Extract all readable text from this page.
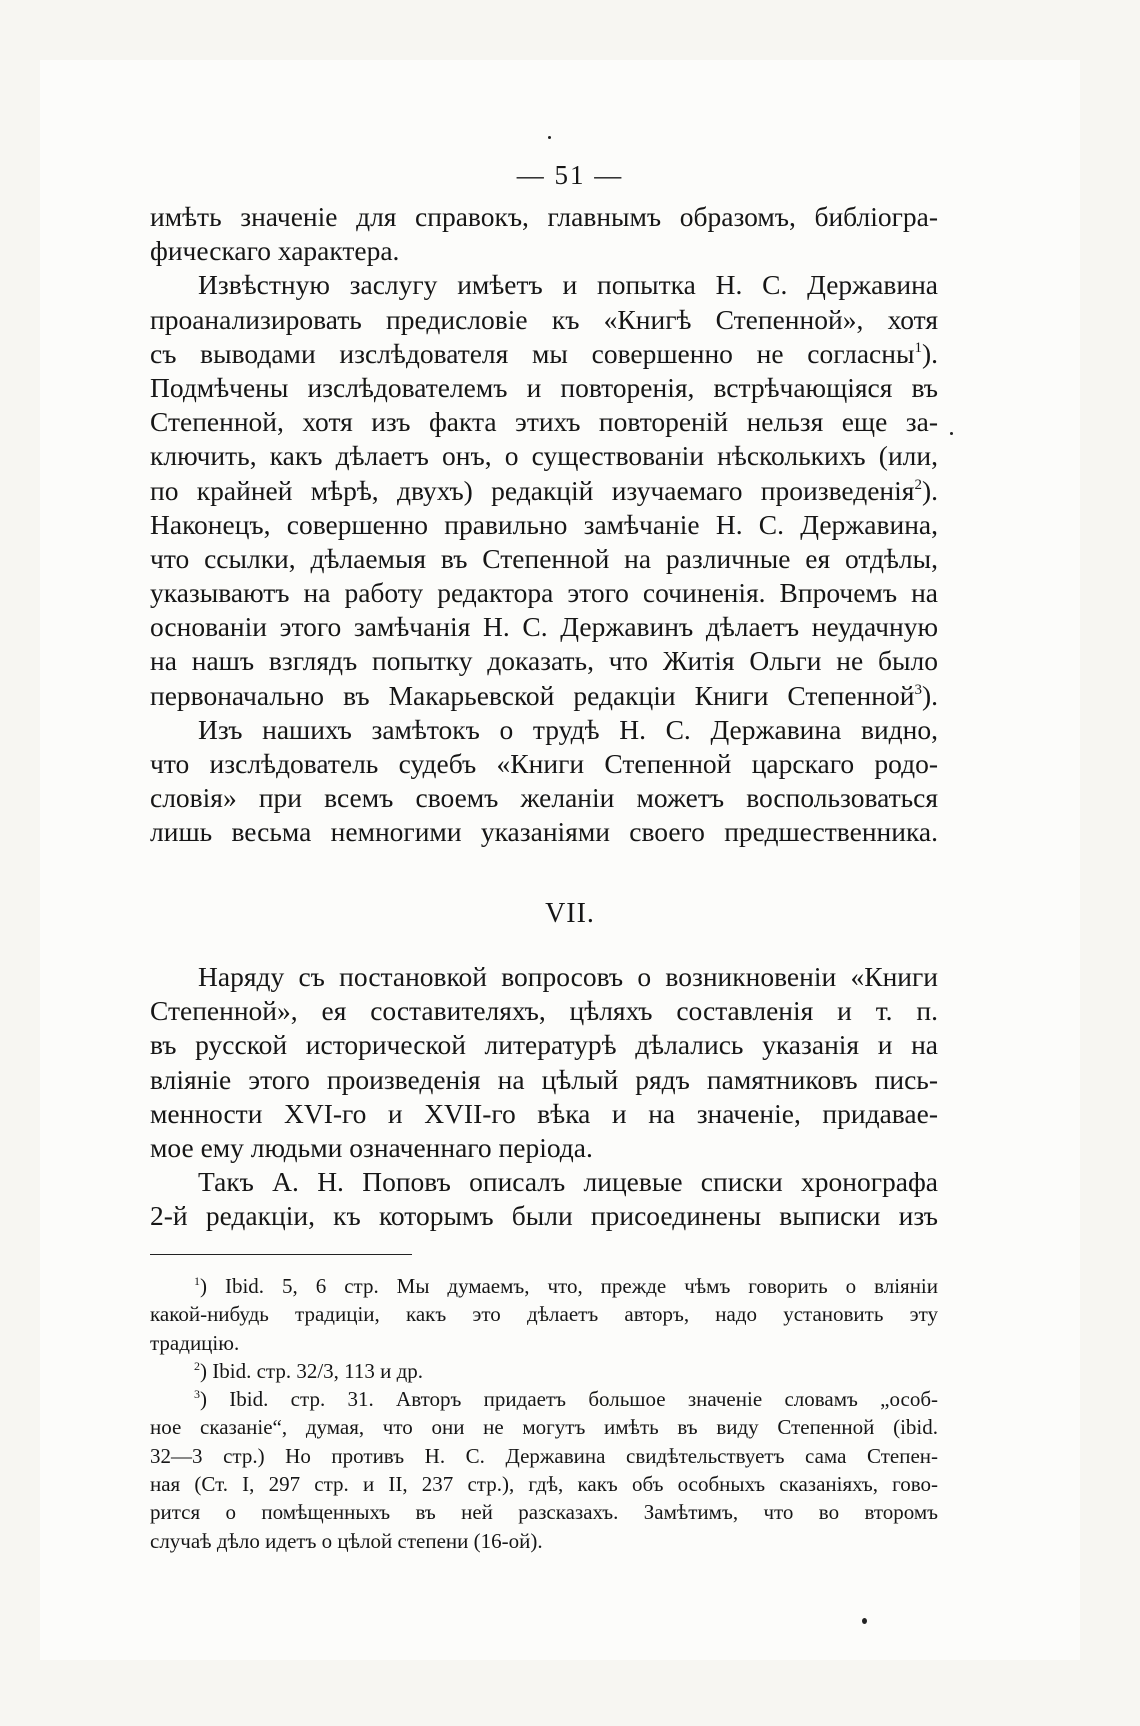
— 51 —
имѣть значеніе для справокъ, главнымъ образомъ, библіогра-
фическаго характера.
Извѣстную заслугу имѣетъ и попытка Н. С. Державина
проанализировать предисловіе къ «Книгѣ Степенной», хотя
съ выводами изслѣдователя мы совершенно не согласны$^1$).
Подмѣчены изслѣдователемъ и повторенія, встрѣчающіяся въ
Степенной, хотя изъ факта этихъ повтореній нельзя еще за-
ключить, какъ дѣлаетъ онъ, о существованіи нѣсколькихъ (или,
по крайней мѣрѣ, двухъ) редакцій изучаемаго произведенія$^2$).
Наконецъ, совершенно правильно замѣчаніе Н. С. Державина,
что ссылки, дѣлаемыя въ Степенной на различные ея отдѣлы,
указываютъ на работу редактора этого сочиненія. Впрочемъ на
основаніи этого замѣчанія Н. С. Державинъ дѣлаетъ неудачную
на нашъ взглядъ попытку доказать, что Житія Ольги не было
первоначально въ Макарьевской редакціи Книги Степенной$^3$).
Изъ нашихъ замѣтокъ о трудѣ Н. С. Державина видно,
что изслѣдователь судебъ «Книги Степенной царскаго родо-
словія» при всемъ своемъ желаніи можетъ воспользоваться
лишь весьма немногими указаніями своего предшественника.
VII.
Наряду съ постановкой вопросовъ о возникновеніи «Книги
Степенной», ея составителяхъ, цѣляхъ составленія и т. п.
въ русской исторической литературѣ дѣлались указанія и на
вліяніе этого произведенія на цѣлый рядъ памятниковъ пись-
менности XVI-го и XVII-го вѣка и на значеніе, придавае-
мое ему людьми означеннаго періода.
Такъ А. Н. Поповъ описалъ лицевые списки хронографа
2-й редакціи, къ которымъ были присоединены выписки изъ
$^1$) Ibid. 5, 6 стр. Мы думаемъ, что, прежде чѣмъ говорить о вліяніи
какой-нибудь традиціи, какъ это дѣлаетъ авторъ, надо установить эту
традицію.
$^2$) Ibid. стр. 32/3, 113 и др.
$^3$) Ibid. стр. 31. Авторъ придаетъ большое значеніе словамъ „особ-
ное сказаніе“, думая, что они не могутъ имѣть въ виду Степенной (ibid.
32—3 стр.) Но противъ Н. С. Державина свидѣтельствуетъ сама Степен-
ная (Ст. I, 297 стр. и II, 237 стр.), гдѣ, какъ объ особныхъ сказаніяхъ, гово-
рится о помѣщенныхъ въ ней разсказахъ. Замѣтимъ, что во второмъ
случаѣ дѣло идетъ о цѣлой степени (16-ой).
